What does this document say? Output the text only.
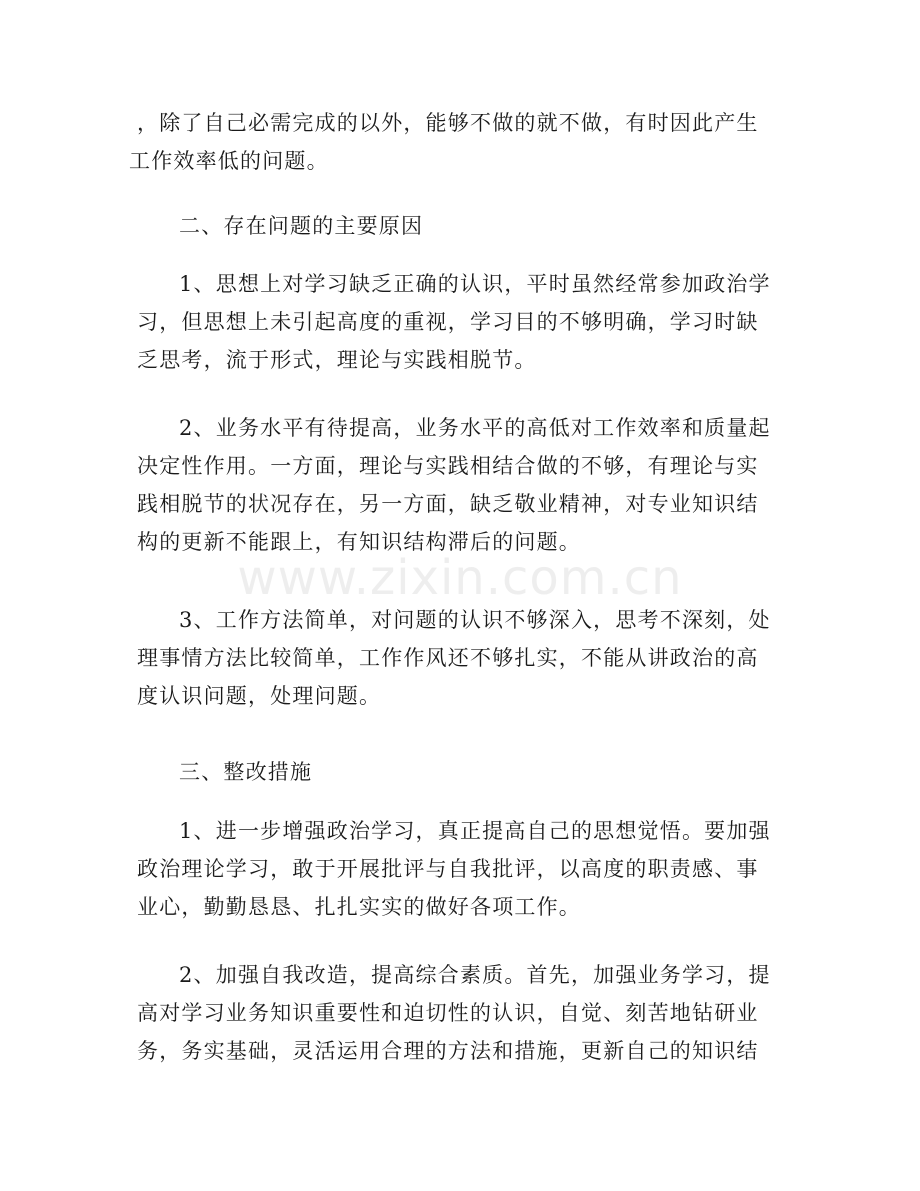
www.zixin.com.cn
，除了自己必需完成的以外，能够不做的就不做，有时因此产生
工作效率低的问题。
二、存在问题的主要原因
1、思想上对学习缺乏正确的认识，平时虽然经常参加政治学
习，但思想上未引起高度的重视，学习目的不够明确，学习时缺
乏思考，流于形式，理论与实践相脱节。
2、业务水平有待提高，业务水平的高低对工作效率和质量起
决定性作用。一方面，理论与实践相结合做的不够，有理论与实
践相脱节的状况存在，另一方面，缺乏敬业精神，对专业知识结
构的更新不能跟上，有知识结构滞后的问题。
3、工作方法简单，对问题的认识不够深入，思考不深刻，处
理事情方法比较简单，工作作风还不够扎实，不能从讲政治的高
度认识问题，处理问题。
三、整改措施
1、进一步增强政治学习，真正提高自己的思想觉悟。要加强
政治理论学习，敢于开展批评与自我批评，以高度的职责感、事
业心，勤勤恳恳、扎扎实实的做好各项工作。
2、加强自我改造，提高综合素质。首先，加强业务学习，提
高对学习业务知识重要性和迫切性的认识，自觉、刻苦地钻研业
务，务实基础，灵活运用合理的方法和措施，更新自己的知识结
